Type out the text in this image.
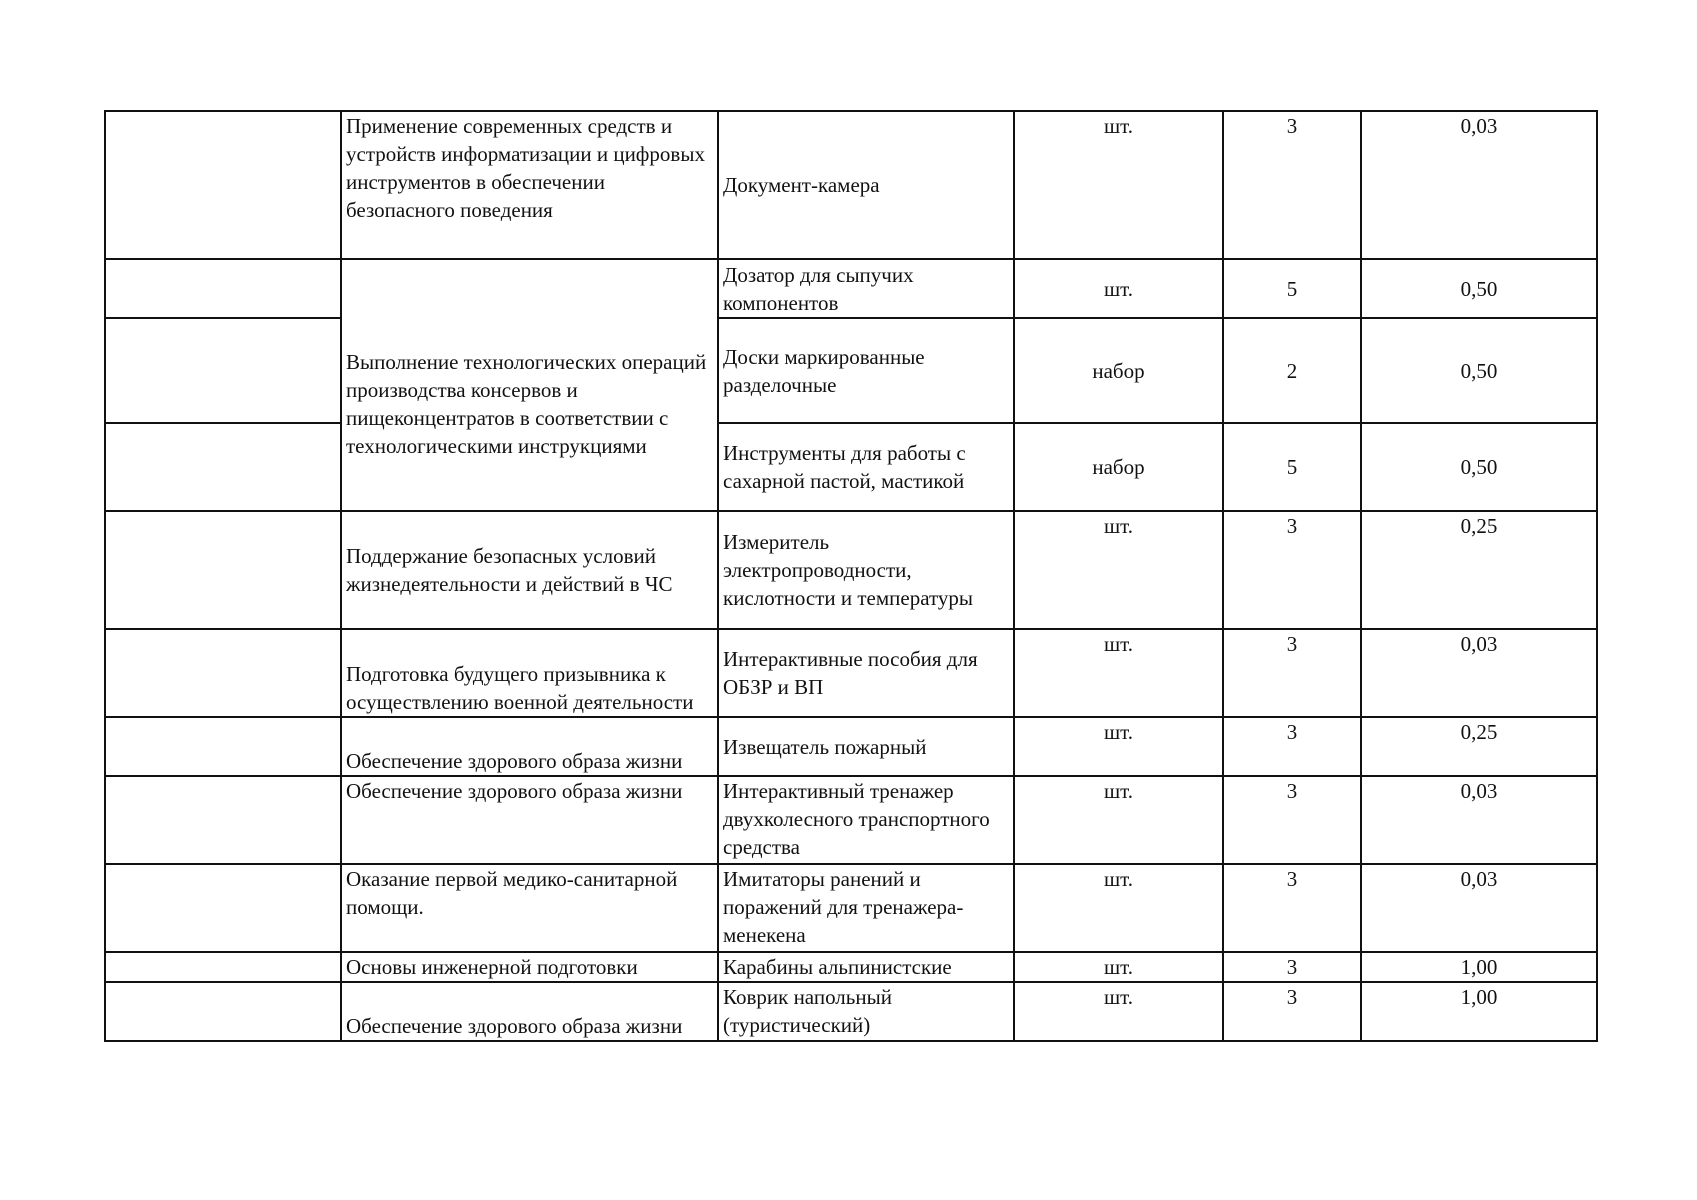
	Применение современных средств и устройств информатизации и цифровых инструментов в обеспечении безопасного поведения	Документ-камера	шт.	3	0,03

	Выполнение технологических операций производства консервов и пищеконцентратов в соответствии с технологическими инструкциями	Дозатор для сыпучих компонентов	шт.	5	0,50
		Доски маркированные разделочные	набор	2	0,50
		Инструменты для работы с сахарной пастой, мастикой	набор	5	0,50
	Поддержание безопасных условий жизнедеятельности и действий в ЧС	Измеритель электропроводности, кислотности и температуры	шт.	3	0,25
	Подготовка будущего призывника к осуществлению военной деятельности	Интерактивные пособия для ОБЗР и ВП	шт.	3	0,03
	Обеспечение здорового образа жизни	Извещатель пожарный	шт.	3	0,25
	Обеспечение здорового образа жизни	Интерактивный тренажер двухколесного транспортного средства	шт.	3	0,03
	Оказание первой медико-санитарной помощи.	Имитаторы ранений и поражений для тренажера-менекена	шт.	3	0,03
	Основы инженерной подготовки	Карабины альпинистские	шт.	3	1,00
	Обеспечение здорового образа жизни	Коврик напольный (туристический)	шт.	3	1,00
